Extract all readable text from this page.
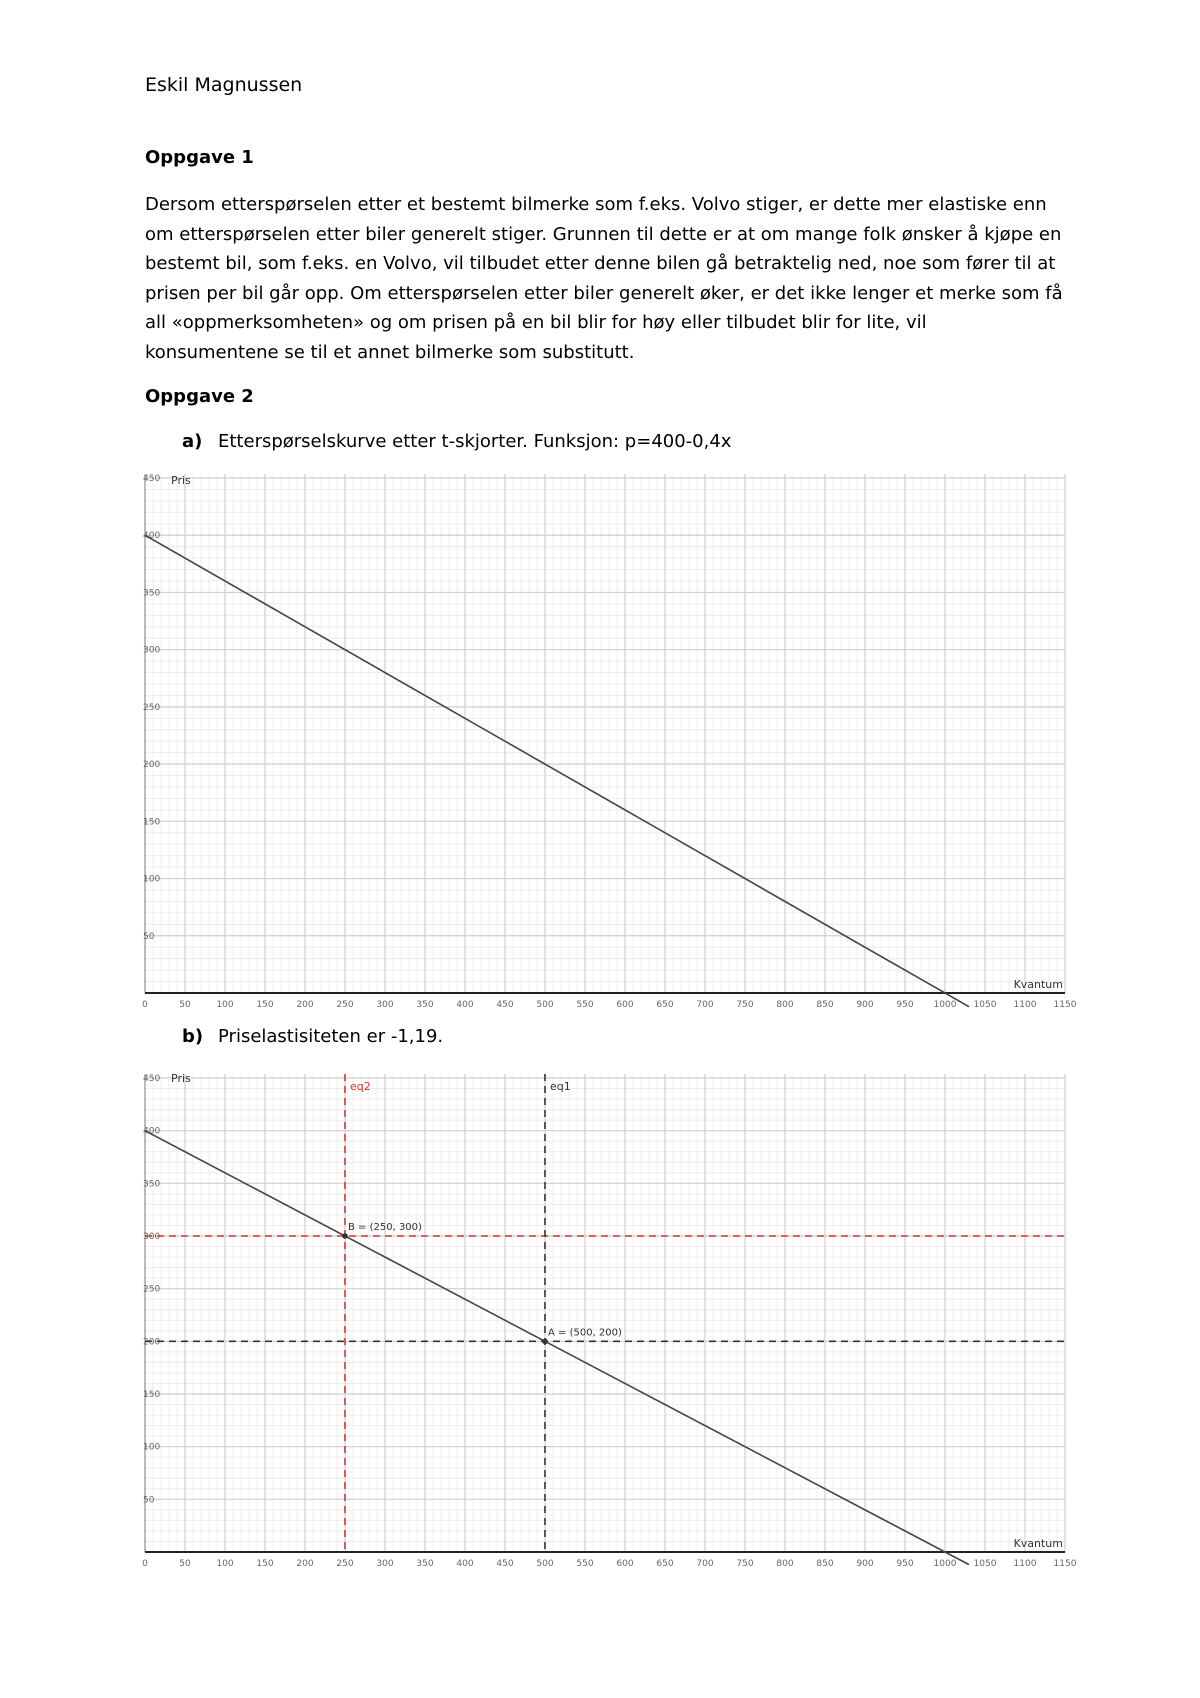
Eskil Magnussen
Oppgave 1
Dersom etterspørselen etter et bestemt bilmerke som f.eks. Volvo stiger, er dette mer elastiske enn
om etterspørselen etter biler generelt stiger. Grunnen til dette er at om mange folk ønsker å kjøpe en
bestemt bil, som f.eks. en Volvo, vil tilbudet etter denne bilen gå betraktelig ned, noe som fører til at
prisen per bil går opp. Om etterspørselen etter biler generelt øker, er det ikke lenger et merke som få
all «oppmerksomheten» og om prisen på en bil blir for høy eller tilbudet blir for lite, vil
konsumentene se til et annet bilmerke som substitutt.
Oppgave 2
a) Etterspørselskurve etter t-skjorter. Funksjon: p=400-0,4x
0	50	100	150	200	250	300	350	400	450	500	550	600	650	700	750	800	850	900	950 1000 1050 1100 1150
50
100
150
200
250
300
350
400
450 Pris
Kvantum
b) Priselastisiteten er -1,19.
0	50	100	150	200	250	300	350	400	450	500	550	600	650	700	750	800	850	900	950 1000 1050 1100 1150
50
100
150
200
250
300
350
400
450 Pris
Kvantum
eq2	eq1
B = (250, 300)
A = (500, 200)
